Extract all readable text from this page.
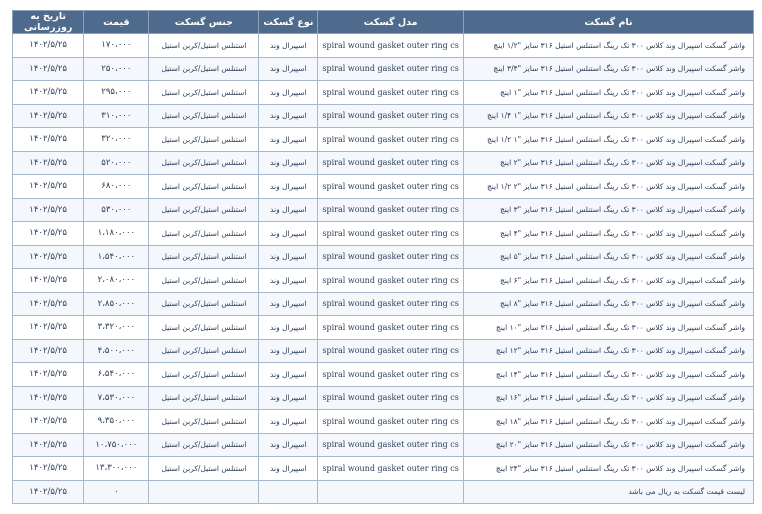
نام گسکت	مدل گسکت	نوع گسکت	جنس گسکت	قیمت	تاریخ به روزرسانی
واشر گسکت اسپیرال وند کلاس ۳۰۰ تک رینگ استنلس استیل ۳۱۶ سایز "۱/۲ اینچ	spiral wound gasket outer ring cs	اسپیرال وند	استنلس استیل/کربن استیل	۱۷۰،۰۰۰	۱۴۰۲/۵/۲۵
واشر گسکت اسپیرال وند کلاس ۳۰۰ تک رینگ استنلس استیل ۳۱۶ سایز "۳/۴ اینچ	spiral wound gasket outer ring cs	اسپیرال وند	استنلس استیل/کربن استیل	۲۵۰،۰۰۰	۱۴۰۲/۵/۲۵
واشر گسکت اسپیرال وند کلاس ۳۰۰ تک رینگ استنلس استیل ۳۱۶ سایز "۱ اینچ	spiral wound gasket outer ring cs	اسپیرال وند	استنلس استیل/کربن استیل	۲۹۵،۰۰۰	۱۴۰۲/۵/۲۵
واشر گسکت اسپیرال وند کلاس ۳۰۰ تک رینگ استنلس استیل ۳۱۶ سایز "۱ ۱/۴ اینچ	spiral wound gasket outer ring cs	اسپیرال وند	استنلس استیل/کربن استیل	۳۱۰،۰۰۰	۱۴۰۲/۵/۲۵
واشر گسکت اسپیرال وند کلاس ۳۰۰ تک رینگ استنلس استیل ۳۱۶ سایز "۱ ۱/۲ اینچ	spiral wound gasket outer ring cs	اسپیرال وند	استنلس استیل/کربن استیل	۳۲۰،۰۰۰	۱۴۰۲/۵/۲۵
واشر گسکت اسپیرال وند کلاس ۳۰۰ تک رینگ استنلس استیل ۳۱۶ سایز "۲ اینچ	spiral wound gasket outer ring cs	اسپیرال وند	استنلس استیل/کربن استیل	۵۲۰،۰۰۰	۱۴۰۲/۵/۲۵
واشر گسکت اسپیرال وند کلاس ۳۰۰ تک رینگ استنلس استیل ۳۱۶ سایز "۲ ۱/۲ اینچ	spiral wound gasket outer ring cs	اسپیرال وند	استنلس استیل/کربن استیل	۶۸۰،۰۰۰	۱۴۰۲/۵/۲۵
واشر گسکت اسپیرال وند کلاس ۳۰۰ تک رینگ استنلس استیل ۳۱۶ سایز "۳ اینچ	spiral wound gasket outer ring cs	اسپیرال وند	استنلس استیل/کربن استیل	۵۳۰،۰۰۰	۱۴۰۲/۵/۲۵
واشر گسکت اسپیرال وند کلاس ۳۰۰ تک رینگ استنلس استیل ۳۱۶ سایز "۴ اینچ	spiral wound gasket outer ring cs	اسپیرال وند	استنلس استیل/کربن استیل	۱،۱۸۰،۰۰۰	۱۴۰۲/۵/۲۵
واشر گسکت اسپیرال وند کلاس ۳۰۰ تک رینگ استنلس استیل ۳۱۶ سایز "۵ اینچ	spiral wound gasket outer ring cs	اسپیرال وند	استنلس استیل/کربن استیل	۱،۵۴۰،۰۰۰	۱۴۰۲/۵/۲۵
واشر گسکت اسپیرال وند کلاس ۳۰۰ تک رینگ استنلس استیل ۳۱۶ سایز "۶ اینچ	spiral wound gasket outer ring cs	اسپیرال وند	استنلس استیل/کربن استیل	۲،۰۸۰،۰۰۰	۱۴۰۲/۵/۲۵
واشر گسکت اسپیرال وند کلاس ۳۰۰ تک رینگ استنلس استیل ۳۱۶ سایز "۸ اینچ	spiral wound gasket outer ring cs	اسپیرال وند	استنلس استیل/کربن استیل	۲،۸۵۰،۰۰۰	۱۴۰۲/۵/۲۵
واشر گسکت اسپیرال وند کلاس ۳۰۰ تک رینگ استنلس استیل ۳۱۶ سایز "۱۰ اینچ	spiral wound gasket outer ring cs	اسپیرال وند	استنلس استیل/کربن استیل	۳،۳۲۰،۰۰۰	۱۴۰۲/۵/۲۵
واشر گسکت اسپیرال وند کلاس ۳۰۰ تک رینگ استنلس استیل ۳۱۶ سایز "۱۲ اینچ	spiral wound gasket outer ring cs	اسپیرال وند	استنلس استیل/کربن استیل	۴،۵۰۰،۰۰۰	۱۴۰۲/۵/۲۵
واشر گسکت اسپیرال وند کلاس ۳۰۰ تک رینگ استنلس استیل ۳۱۶ سایز "۱۴ اینچ	spiral wound gasket outer ring cs	اسپیرال وند	استنلس استیل/کربن استیل	۶،۵۴۰،۰۰۰	۱۴۰۲/۵/۲۵
واشر گسکت اسپیرال وند کلاس ۳۰۰ تک رینگ استنلس استیل ۳۱۶ سایز "۱۶ اینچ	spiral wound gasket outer ring cs	اسپیرال وند	استنلس استیل/کربن استیل	۷،۵۳۰،۰۰۰	۱۴۰۲/۵/۲۵
واشر گسکت اسپیرال وند کلاس ۳۰۰ تک رینگ استنلس استیل ۳۱۶ سایز "۱۸ اینچ	spiral wound gasket outer ring cs	اسپیرال وند	استنلس استیل/کربن استیل	۹،۳۵۰،۰۰۰	۱۴۰۲/۵/۲۵
واشر گسکت اسپیرال وند کلاس ۳۰۰ تک رینگ استنلس استیل ۳۱۶ سایز "۲۰ اینچ	spiral wound gasket outer ring cs	اسپیرال وند	استنلس استیل/کربن استیل	۱۰،۷۵۰،۰۰۰	۱۴۰۲/۵/۲۵
واشر گسکت اسپیرال وند کلاس ۳۰۰ تک رینگ استنلس استیل ۳۱۶ سایز "۲۴ اینچ	spiral wound gasket outer ring cs	اسپیرال وند	استنلس استیل/کربن استیل	۱۳،۳۰۰،۰۰۰	۱۴۰۲/۵/۲۵
لیست قیمت گسکت به ریال می باشد				۰	۱۴۰۲/۵/۲۵
